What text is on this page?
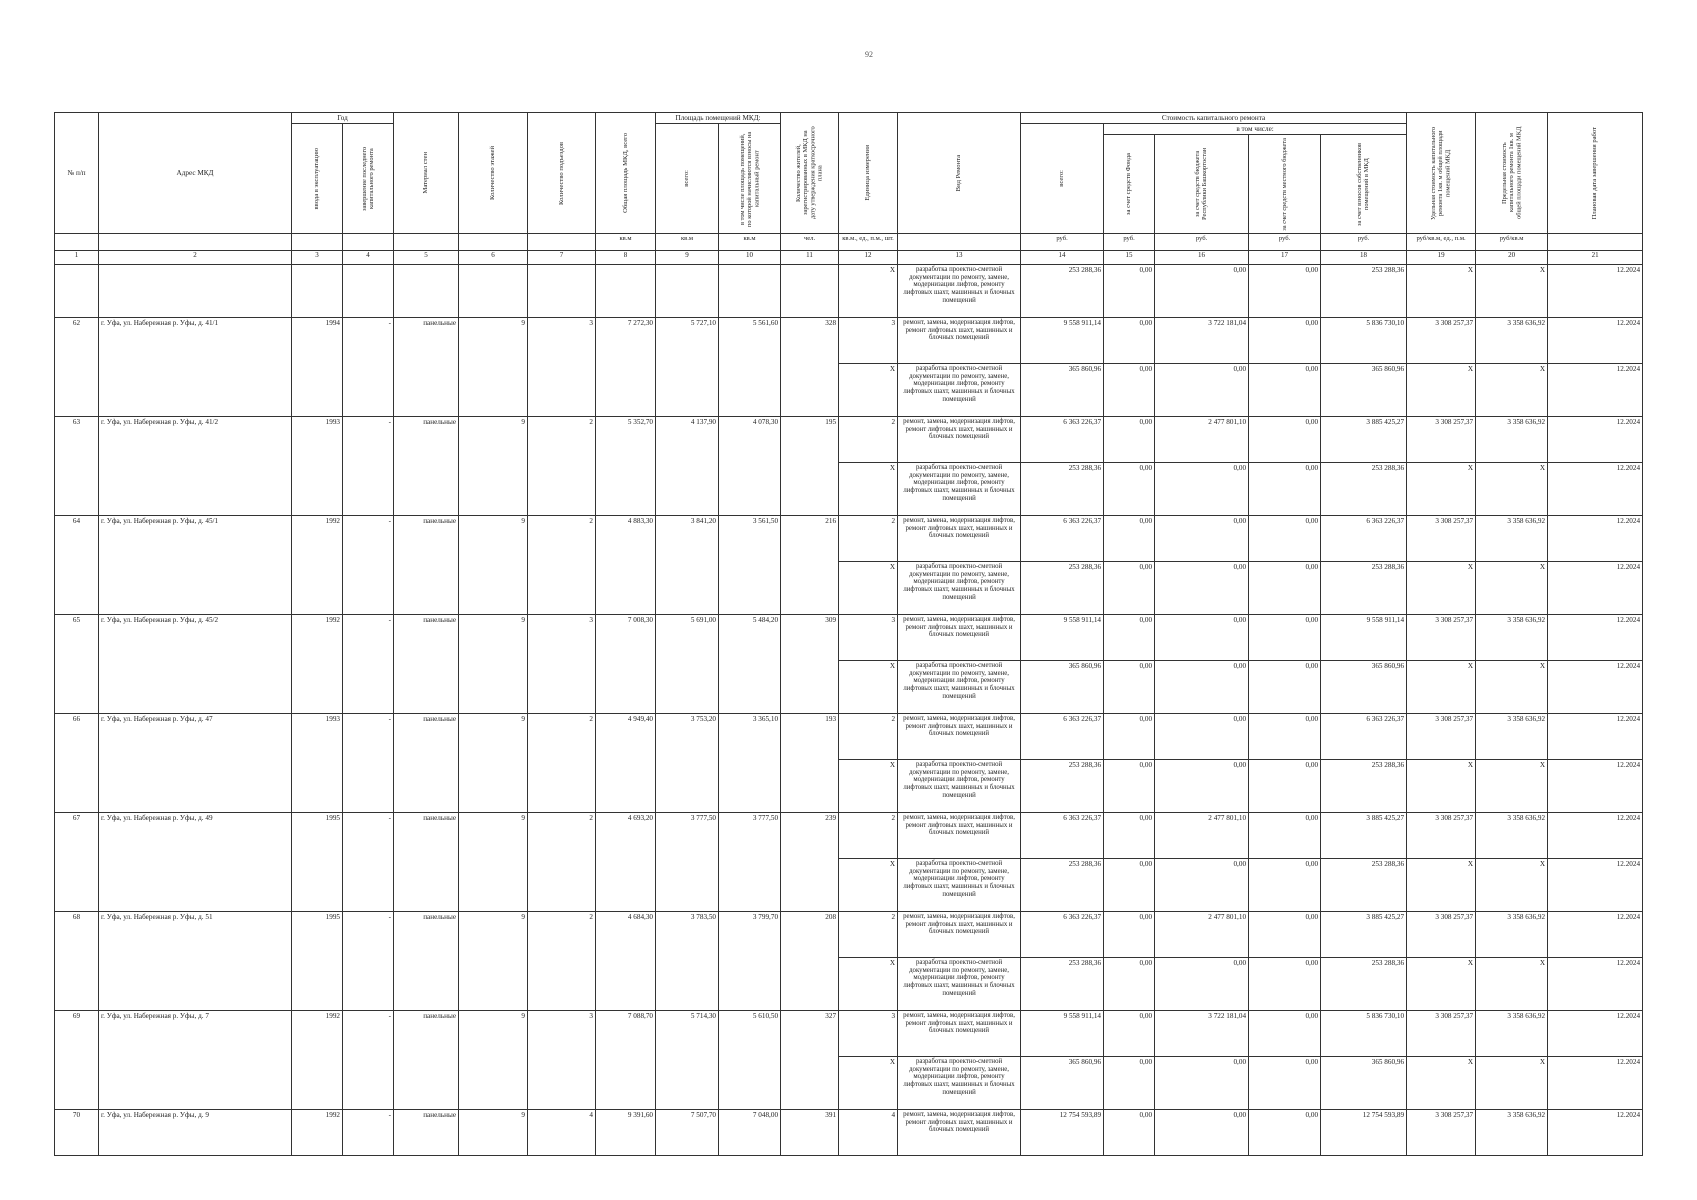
92
№ п/п	Адрес МКД	Год		Материал стен	Количество этажей	Количество подъездов	Общая площадь МКД, всего	Площадь помещений МКД:		Количество жителей, зарегистрированных в МКД на дату утверждения краткосрочного плана	Единица измерения	Вид Ремонта	Стоимость капитального ремонта					Удельная стоимость капитального ремонта 1кв. м общей площади помещений МКД	Предельная стоимость капитального ремонта 1кв. м общей площади помещений МКД	Плановая дата завершения работ

		ввода в эксплуатацию	завершение последнего капитального ремонта					всего:	в том числе площадь помещений, по которой начисляются взносы на капитальный ремонт				всего:	в том числе:						

														за счет средств Фонда	за счет средств бюджета Республики Башкортостан	за счет средств местного бюджета	за счет взносов собственников помещений в МКД			

							кв.м	кв.м	кв.м	чел.	кв.м., ед., п.м., шт.		руб.	руб.	руб.	руб.	руб.	руб/кв.м, ед., п.м.	руб/кв.м	
1	2	3	4	5	6	7	8	9	10	11	12	13	14	15	16	17	18	19	20	21
											X	разработка проектно-сметной документации по ремонту, замене, модернизации лифтов, ремонту лифтовых шахт, машинных и блочных помещений	253 288,36	0,00	0,00	0,00	253 288,36	X	X	12.2024
62	г. Уфа, ул. Набережная р. Уфы, д. 41/1	1994	-	панельные	9	3	7 272,30	5 727,10	5 561,60	328	3	ремонт, замена, модернизация лифтов, ремонт лифтовых шахт, машинных и блочных помещений	9 558 911,14	0,00	3 722 181,04	0,00	5 836 730,10	3 308 257,37	3 358 636,92	12.2024
											X	разработка проектно-сметной документации по ремонту, замене, модернизации лифтов, ремонту лифтовых шахт, машинных и блочных помещений	365 860,96	0,00	0,00	0,00	365 860,96	X	X	12.2024
63	г. Уфа, ул. Набережная р. Уфы, д. 41/2	1993	-	панельные	9	2	5 352,70	4 137,90	4 078,30	195	2	ремонт, замена, модернизация лифтов, ремонт лифтовых шахт, машинных и блочных помещений	6 363 226,37	0,00	2 477 801,10	0,00	3 885 425,27	3 308 257,37	3 358 636,92	12.2024
											X	разработка проектно-сметной документации по ремонту, замене, модернизации лифтов, ремонту лифтовых шахт, машинных и блочных помещений	253 288,36	0,00	0,00	0,00	253 288,36	X	X	12.2024
64	г. Уфа, ул. Набережная р. Уфы, д. 45/1	1992	-	панельные	9	2	4 883,30	3 841,20	3 561,50	216	2	ремонт, замена, модернизация лифтов, ремонт лифтовых шахт, машинных и блочных помещений	6 363 226,37	0,00	0,00	0,00	6 363 226,37	3 308 257,37	3 358 636,92	12.2024
											X	разработка проектно-сметной документации по ремонту, замене, модернизации лифтов, ремонту лифтовых шахт, машинных и блочных помещений	253 288,36	0,00	0,00	0,00	253 288,36	X	X	12.2024
65	г. Уфа, ул. Набережная р. Уфы, д. 45/2	1992	-	панельные	9	3	7 008,30	5 691,00	5 484,20	309	3	ремонт, замена, модернизация лифтов, ремонт лифтовых шахт, машинных и блочных помещений	9 558 911,14	0,00	0,00	0,00	9 558 911,14	3 308 257,37	3 358 636,92	12.2024
											X	разработка проектно-сметной документации по ремонту, замене, модернизации лифтов, ремонту лифтовых шахт, машинных и блочных помещений	365 860,96	0,00	0,00	0,00	365 860,96	X	X	12.2024
66	г. Уфа, ул. Набережная р. Уфы, д. 47	1993	-	панельные	9	2	4 949,40	3 753,20	3 365,10	193	2	ремонт, замена, модернизация лифтов, ремонт лифтовых шахт, машинных и блочных помещений	6 363 226,37	0,00	0,00	0,00	6 363 226,37	3 308 257,37	3 358 636,92	12.2024
											X	разработка проектно-сметной документации по ремонту, замене, модернизации лифтов, ремонту лифтовых шахт, машинных и блочных помещений	253 288,36	0,00	0,00	0,00	253 288,36	X	X	12.2024
67	г. Уфа, ул. Набережная р. Уфы, д. 49	1995	-	панельные	9	2	4 693,20	3 777,50	3 777,50	239	2	ремонт, замена, модернизация лифтов, ремонт лифтовых шахт, машинных и блочных помещений	6 363 226,37	0,00	2 477 801,10	0,00	3 885 425,27	3 308 257,37	3 358 636,92	12.2024
											X	разработка проектно-сметной документации по ремонту, замене, модернизации лифтов, ремонту лифтовых шахт, машинных и блочных помещений	253 288,36	0,00	0,00	0,00	253 288,36	X	X	12.2024
68	г. Уфа, ул. Набережная р. Уфы, д. 51	1995	-	панельные	9	2	4 684,30	3 783,50	3 799,70	208	2	ремонт, замена, модернизация лифтов, ремонт лифтовых шахт, машинных и блочных помещений	6 363 226,37	0,00	2 477 801,10	0,00	3 885 425,27	3 308 257,37	3 358 636,92	12.2024
											X	разработка проектно-сметной документации по ремонту, замене, модернизации лифтов, ремонту лифтовых шахт, машинных и блочных помещений	253 288,36	0,00	0,00	0,00	253 288,36	X	X	12.2024
69	г. Уфа, ул. Набережная р. Уфы, д. 7	1992	-	панельные	9	3	7 088,70	5 714,30	5 610,50	327	3	ремонт, замена, модернизация лифтов, ремонт лифтовых шахт, машинных и блочных помещений	9 558 911,14	0,00	3 722 181,04	0,00	5 836 730,10	3 308 257,37	3 358 636,92	12.2024
											X	разработка проектно-сметной документации по ремонту, замене, модернизации лифтов, ремонту лифтовых шахт, машинных и блочных помещений	365 860,96	0,00	0,00	0,00	365 860,96	X	X	12.2024
70	г. Уфа, ул. Набережная р. Уфы, д. 9	1992	-	панельные	9	4	9 391,60	7 507,70	7 048,00	391	4	ремонт, замена, модернизация лифтов, ремонт лифтовых шахт, машинных и блочных помещений	12 754 593,89	0,00	0,00	0,00	12 754 593,89	3 308 257,37	3 358 636,92	12.2024
